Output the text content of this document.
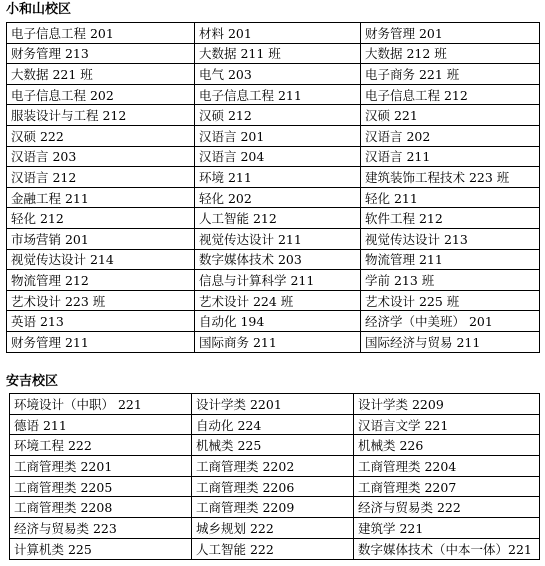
小和山校区
电子信息工程 201	材料 201	财务管理 201
财务管理 213	大数据 211 班	大数据 212 班
大数据 221 班	电气 203	电子商务 221 班
电子信息工程 202	电子信息工程 211	电子信息工程 212
服装设计与工程 212	汉硕 212	汉硕 221
汉硕 222	汉语言 201	汉语言 202
汉语言 203	汉语言 204	汉语言 211
汉语言 212	环境 211	建筑装饰工程技术 223 班
金融工程 211	轻化 202	轻化 211
轻化 212	人工智能 212	软件工程 212
市场营销 201	视觉传达设计 211	视觉传达设计 213
视觉传达设计 214	数字媒体技术 203	物流管理 211
物流管理 212	信息与计算科学 211	学前 213 班
艺术设计 223 班	艺术设计 224 班	艺术设计 225 班
英语 213	自动化 194	经济学（中美班） 201
财务管理 211	国际商务 211	国际经济与贸易 211
安吉校区
环境设计（中职） 221	设计学类 2201	设计学类 2209
德语 211	自动化 224	汉语言文学 221
环境工程 222	机械类 225	机械类 226
工商管理类 2201	工商管理类 2202	工商管理类 2204
工商管理类 2205	工商管理类 2206	工商管理类 2207
工商管理类 2208	工商管理类 2209	经济与贸易类 222
经济与贸易类 223	城乡规划 222	建筑学 221
计算机类 225	人工智能 222	数字媒体技术（中本一体）221
